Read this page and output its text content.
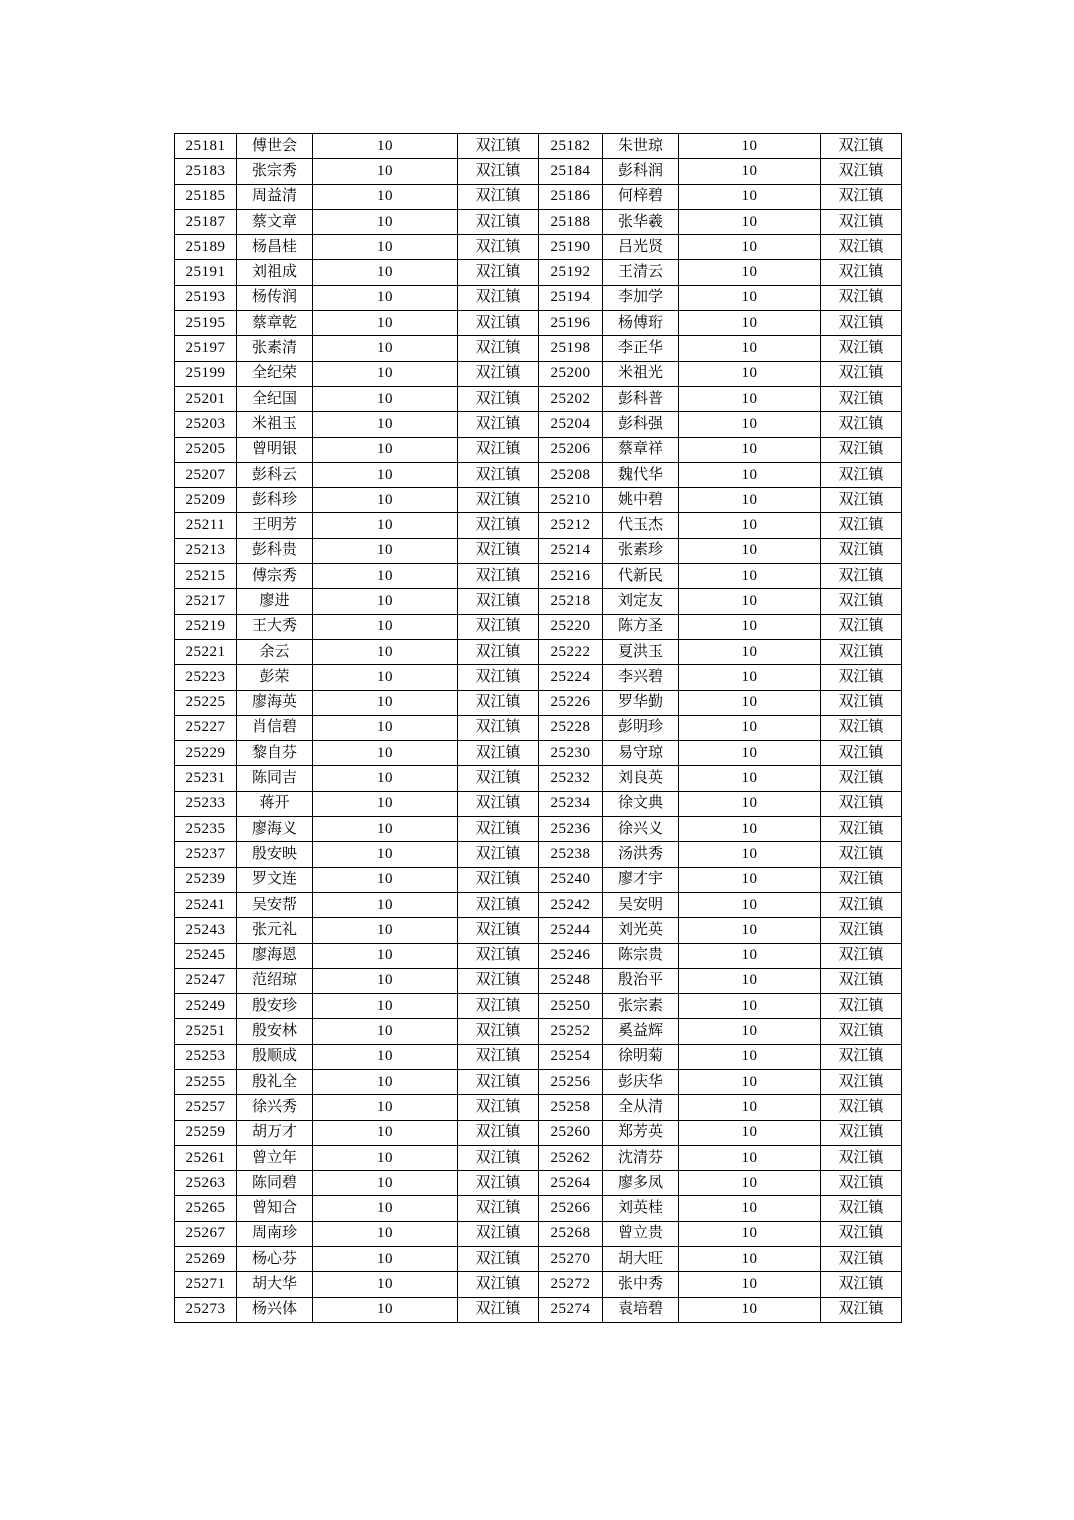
25181	傅世会	10	双江镇	25182	朱世琼	10	双江镇
25183	张宗秀	10	双江镇	25184	彭科润	10	双江镇
25185	周益清	10	双江镇	25186	何梓碧	10	双江镇
25187	蔡文章	10	双江镇	25188	张华羲	10	双江镇
25189	杨昌桂	10	双江镇	25190	吕光贤	10	双江镇
25191	刘祖成	10	双江镇	25192	王清云	10	双江镇
25193	杨传润	10	双江镇	25194	李加学	10	双江镇
25195	蔡章乾	10	双江镇	25196	杨傅珩	10	双江镇
25197	张素清	10	双江镇	25198	李正华	10	双江镇
25199	全纪荣	10	双江镇	25200	米祖光	10	双江镇
25201	全纪国	10	双江镇	25202	彭科普	10	双江镇
25203	米祖玉	10	双江镇	25204	彭科强	10	双江镇
25205	曾明银	10	双江镇	25206	蔡章祥	10	双江镇
25207	彭科云	10	双江镇	25208	魏代华	10	双江镇
25209	彭科珍	10	双江镇	25210	姚中碧	10	双江镇
25211	王明芳	10	双江镇	25212	代玉杰	10	双江镇
25213	彭科贵	10	双江镇	25214	张素珍	10	双江镇
25215	傅宗秀	10	双江镇	25216	代新民	10	双江镇
25217	廖进	10	双江镇	25218	刘定友	10	双江镇
25219	王大秀	10	双江镇	25220	陈方圣	10	双江镇
25221	余云	10	双江镇	25222	夏洪玉	10	双江镇
25223	彭荣	10	双江镇	25224	李兴碧	10	双江镇
25225	廖海英	10	双江镇	25226	罗华勤	10	双江镇
25227	肖信碧	10	双江镇	25228	彭明珍	10	双江镇
25229	黎自芬	10	双江镇	25230	易守琼	10	双江镇
25231	陈同吉	10	双江镇	25232	刘良英	10	双江镇
25233	蒋开	10	双江镇	25234	徐文典	10	双江镇
25235	廖海义	10	双江镇	25236	徐兴义	10	双江镇
25237	殷安映	10	双江镇	25238	汤洪秀	10	双江镇
25239	罗文连	10	双江镇	25240	廖才宇	10	双江镇
25241	吴安帮	10	双江镇	25242	吴安明	10	双江镇
25243	张元礼	10	双江镇	25244	刘光英	10	双江镇
25245	廖海恩	10	双江镇	25246	陈宗贵	10	双江镇
25247	范绍琼	10	双江镇	25248	殷治平	10	双江镇
25249	殷安珍	10	双江镇	25250	张宗素	10	双江镇
25251	殷安林	10	双江镇	25252	奚益辉	10	双江镇
25253	殷顺成	10	双江镇	25254	徐明菊	10	双江镇
25255	殷礼全	10	双江镇	25256	彭庆华	10	双江镇
25257	徐兴秀	10	双江镇	25258	全从清	10	双江镇
25259	胡万才	10	双江镇	25260	郑芳英	10	双江镇
25261	曾立年	10	双江镇	25262	沈清芬	10	双江镇
25263	陈同碧	10	双江镇	25264	廖多凤	10	双江镇
25265	曾知合	10	双江镇	25266	刘英桂	10	双江镇
25267	周南珍	10	双江镇	25268	曾立贵	10	双江镇
25269	杨心芬	10	双江镇	25270	胡大旺	10	双江镇
25271	胡大华	10	双江镇	25272	张中秀	10	双江镇
25273	杨兴体	10	双江镇	25274	袁培碧	10	双江镇
